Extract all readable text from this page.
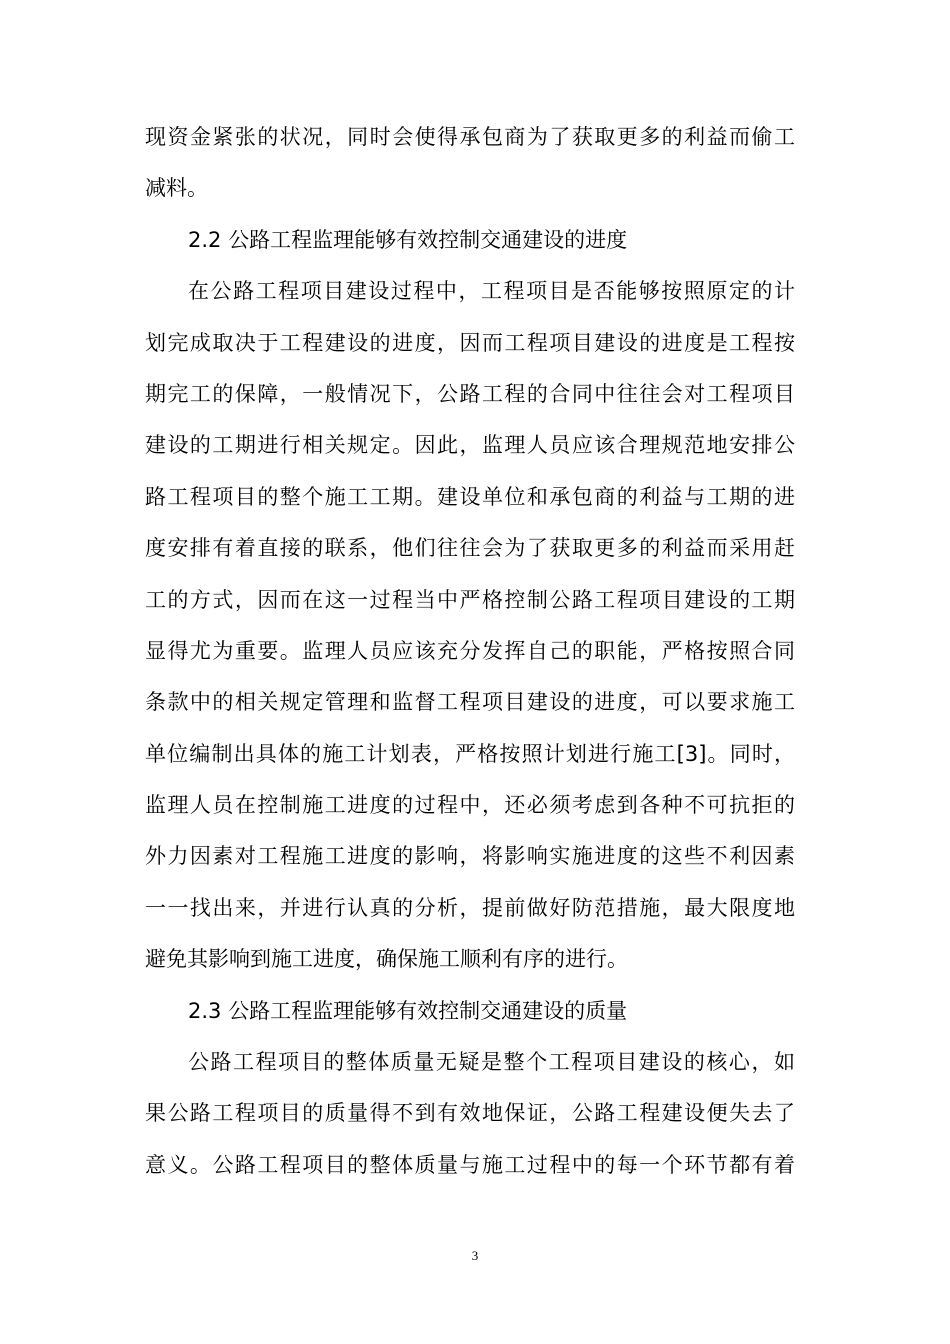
现资金紧张的状况，同时会使得承包商为了获取更多的利益而偷工
减料。
2.2 公路工程监理能够有效控制交通建设的进度
在公路工程项目建设过程中，工程项目是否能够按照原定的计
划完成取决于工程建设的进度，因而工程项目建设的进度是工程按
期完工的保障，一般情况下，公路工程的合同中往往会对工程项目
建设的工期进行相关规定。因此，监理人员应该合理规范地安排公
路工程项目的整个施工工期。建设单位和承包商的利益与工期的进
度安排有着直接的联系，他们往往会为了获取更多的利益而采用赶
工的方式，因而在这一过程当中严格控制公路工程项目建设的工期
显得尤为重要。监理人员应该充分发挥自己的职能，严格按照合同
条款中的相关规定管理和监督工程项目建设的进度，可以要求施工
单位编制出具体的施工计划表，严格按照计划进行施工[3]。同时，
监理人员在控制施工进度的过程中，还必须考虑到各种不可抗拒的
外力因素对工程施工进度的影响，将影响实施进度的这些不利因素
一一找出来，并进行认真的分析，提前做好防范措施，最大限度地
避免其影响到施工进度，确保施工顺利有序的进行。
2.3 公路工程监理能够有效控制交通建设的质量
公路工程项目的整体质量无疑是整个工程项目建设的核心，如
果公路工程项目的质量得不到有效地保证，公路工程建设便失去了
意义。公路工程项目的整体质量与施工过程中的每一个环节都有着
3
